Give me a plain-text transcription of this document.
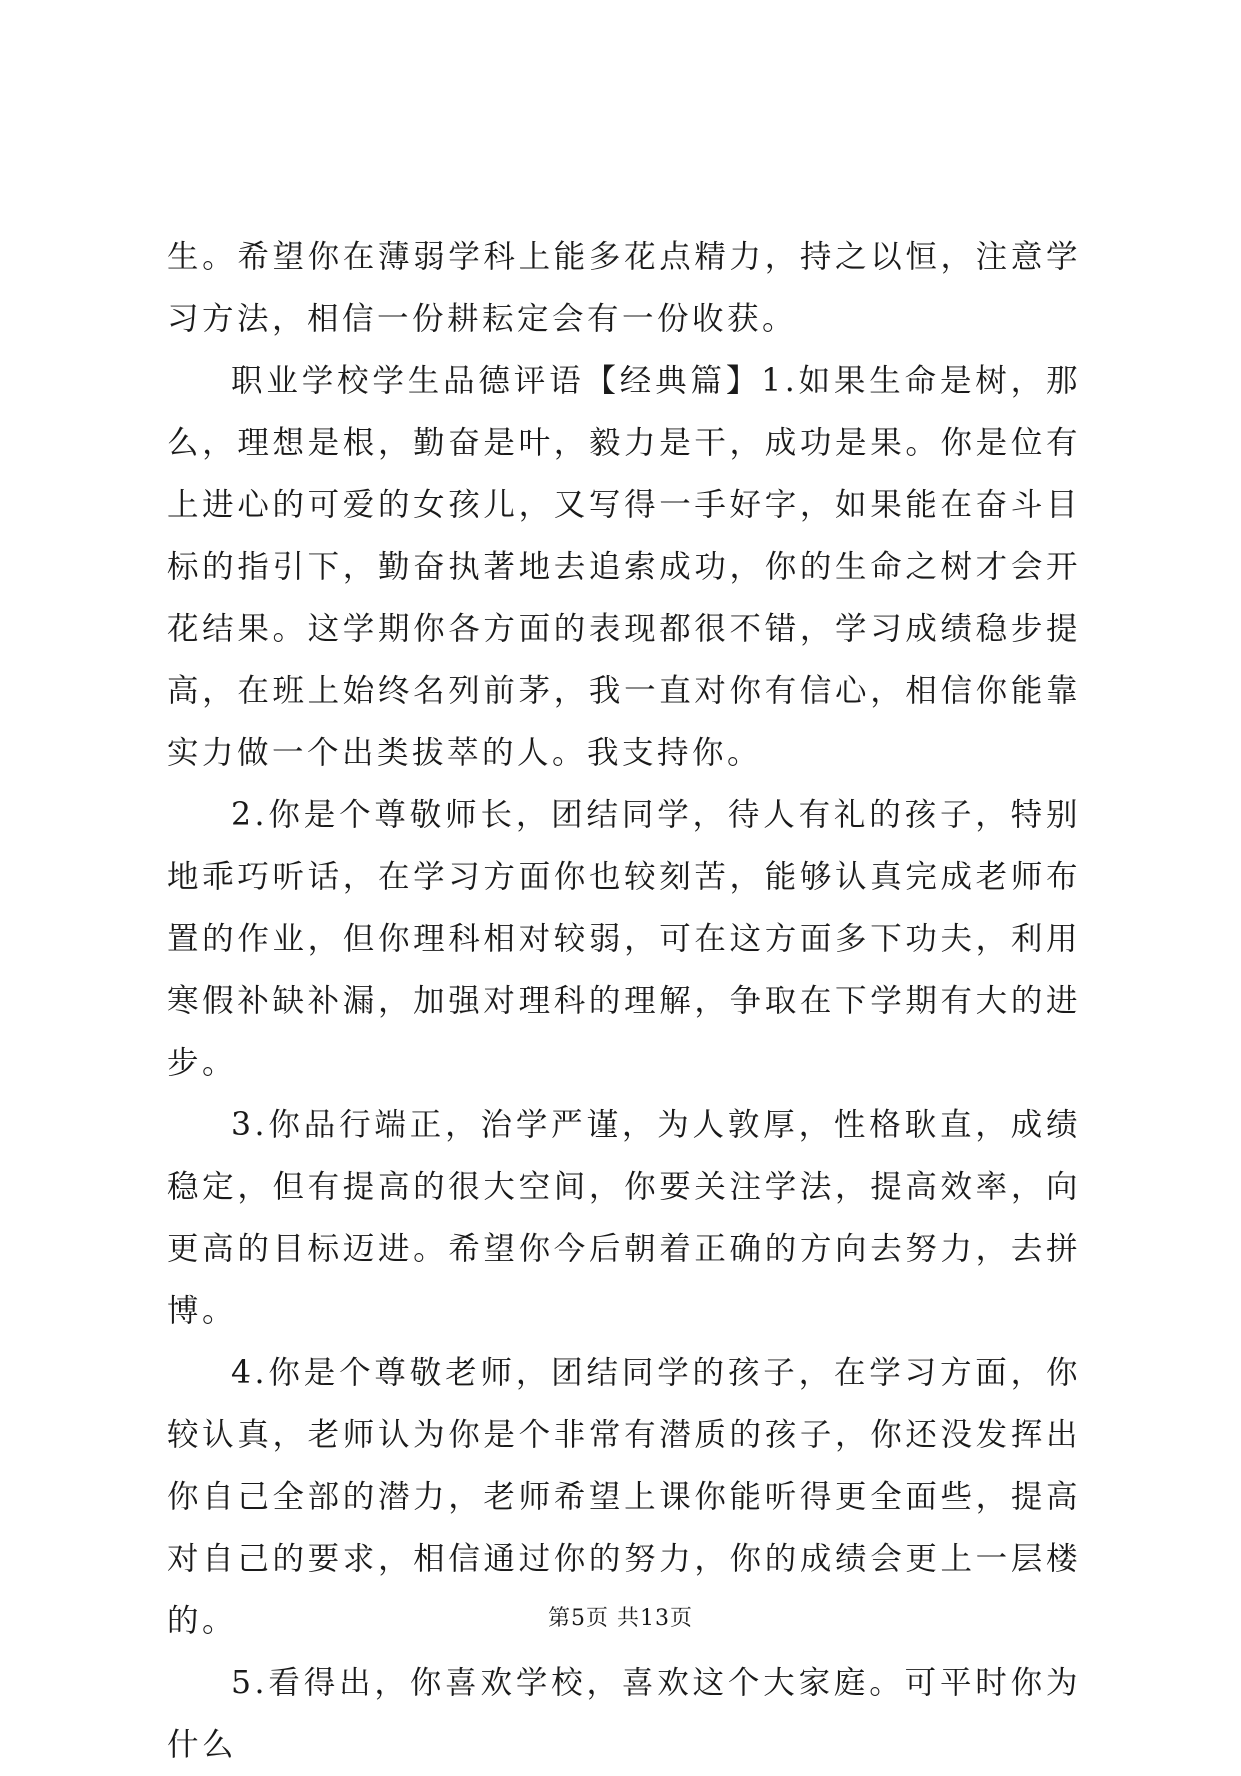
生。希望你在薄弱学科上能多花点精力，持之以恒，注意学习方法，相信一份耕耘定会有一份收获。

职业学校学生品德评语【经典篇】1.如果生命是树，那么，理想是根，勤奋是叶，毅力是干，成功是果。你是位有上进心的可爱的女孩儿，又写得一手好字，如果能在奋斗目标的指引下，勤奋执著地去追索成功，你的生命之树才会开花结果。这学期你各方面的表现都很不错，学习成绩稳步提高，在班上始终名列前茅，我一直对你有信心，相信你能靠实力做一个出类拔萃的人。我支持你。

2.你是个尊敬师长，团结同学，待人有礼的孩子，特别地乖巧听话，在学习方面你也较刻苦，能够认真完成老师布置的作业，但你理科相对较弱，可在这方面多下功夫，利用寒假补缺补漏，加强对理科的理解，争取在下学期有大的进步。

3.你品行端正，治学严谨，为人敦厚，性格耿直，成绩稳定，但有提高的很大空间，你要关注学法，提高效率，向更高的目标迈进。希望你今后朝着正确的方向去努力，去拼博。

4.你是个尊敬老师，团结同学的孩子，在学习方面，你较认真，老师认为你是个非常有潜质的孩子，你还没发挥出你自己全部的潜力，老师希望上课你能听得更全面些，提高对自己的要求，相信通过你的努力，你的成绩会更上一层楼的。

5.看得出，你喜欢学校，喜欢这个大家庭。可平时你为什么

第5页 共13页
